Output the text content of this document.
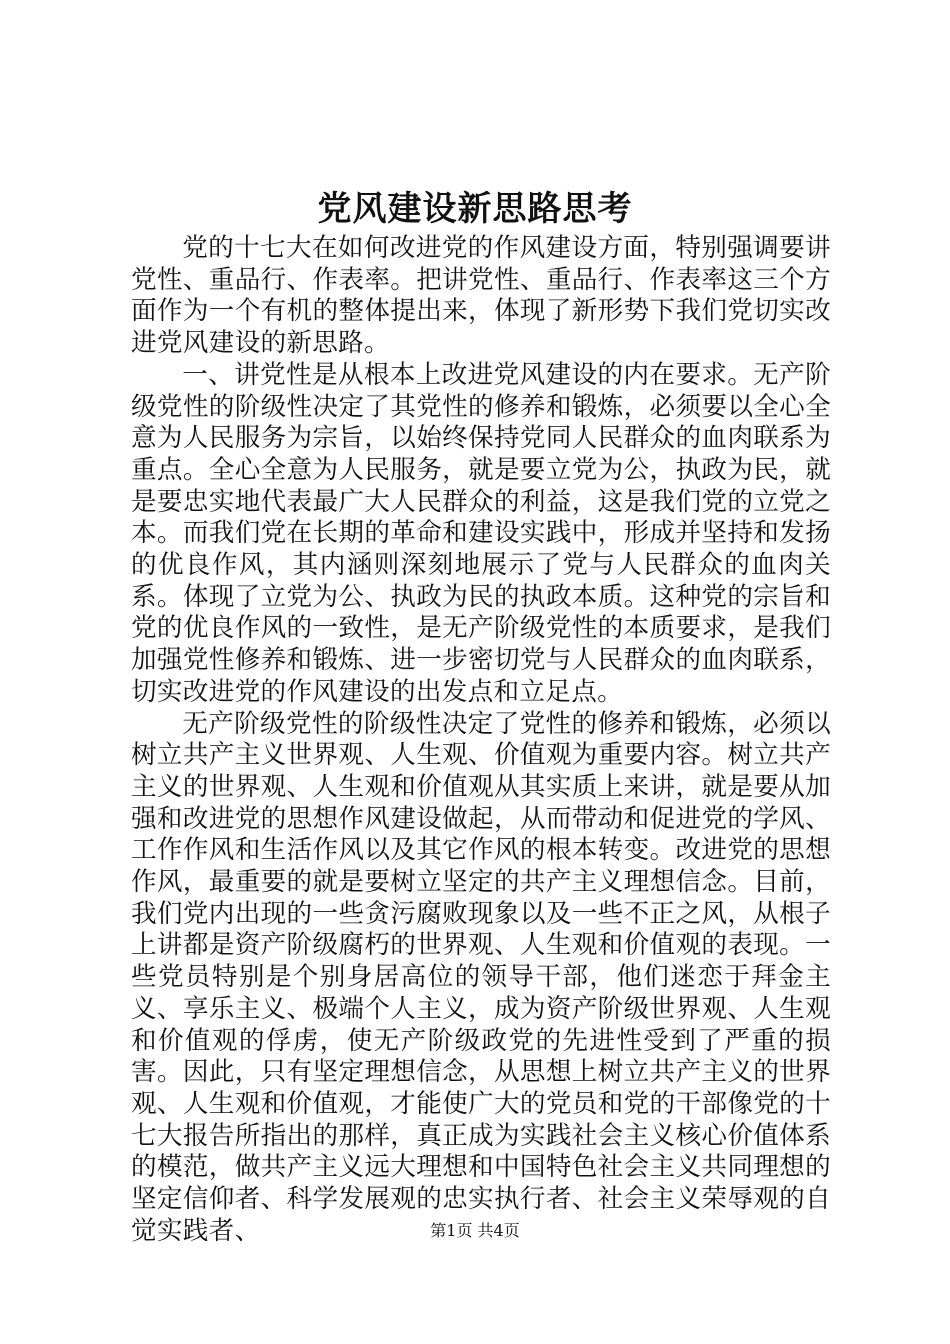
党风建设新思路思考

党的十七大在如何改进党的作风建设方面，特别强调要讲党性、重品行、作表率。把讲党性、重品行、作表率这三个方面作为一个有机的整体提出来，体现了新形势下我们党切实改进党风建设的新思路。

一、讲党性是从根本上改进党风建设的内在要求。无产阶级党性的阶级性决定了其党性的修养和锻炼，必须要以全心全意为人民服务为宗旨，以始终保持党同人民群众的血肉联系为重点。全心全意为人民服务，就是要立党为公，执政为民，就是要忠实地代表最广大人民群众的利益，这是我们党的立党之本。而我们党在长期的革命和建设实践中，形成并坚持和发扬的优良作风，其内涵则深刻地展示了党与人民群众的血肉关系。体现了立党为公、执政为民的执政本质。这种党的宗旨和党的优良作风的一致性，是无产阶级党性的本质要求，是我们加强党性修养和锻炼、进一步密切党与人民群众的血肉联系，切实改进党的作风建设的出发点和立足点。

无产阶级党性的阶级性决定了党性的修养和锻炼，必须以树立共产主义世界观、人生观、价值观为重要内容。树立共产主义的世界观、人生观和价值观从其实质上来讲，就是要从加强和改进党的思想作风建设做起，从而带动和促进党的学风、工作作风和生活作风以及其它作风的根本转变。改进党的思想作风，最重要的就是要树立坚定的共产主义理想信念。目前，我们党内出现的一些贪污腐败现象以及一些不正之风，从根子上讲都是资产阶级腐朽的世界观、人生观和价值观的表现。一些党员特别是个别身居高位的领导干部，他们迷恋于拜金主义、享乐主义、极端个人主义，成为资产阶级世界观、人生观和价值观的俘虏，使无产阶级政党的先进性受到了严重的损害。因此，只有坚定理想信念，从思想上树立共产主义的世界观、人生观和价值观，才能使广大的党员和党的干部像党的十七大报告所指出的那样，真正成为实践社会主义核心价值体系的模范，做共产主义远大理想和中国特色社会主义共同理想的坚定信仰者、科学发展观的忠实执行者、社会主义荣辱观的自觉实践者、	第1页 共4页
